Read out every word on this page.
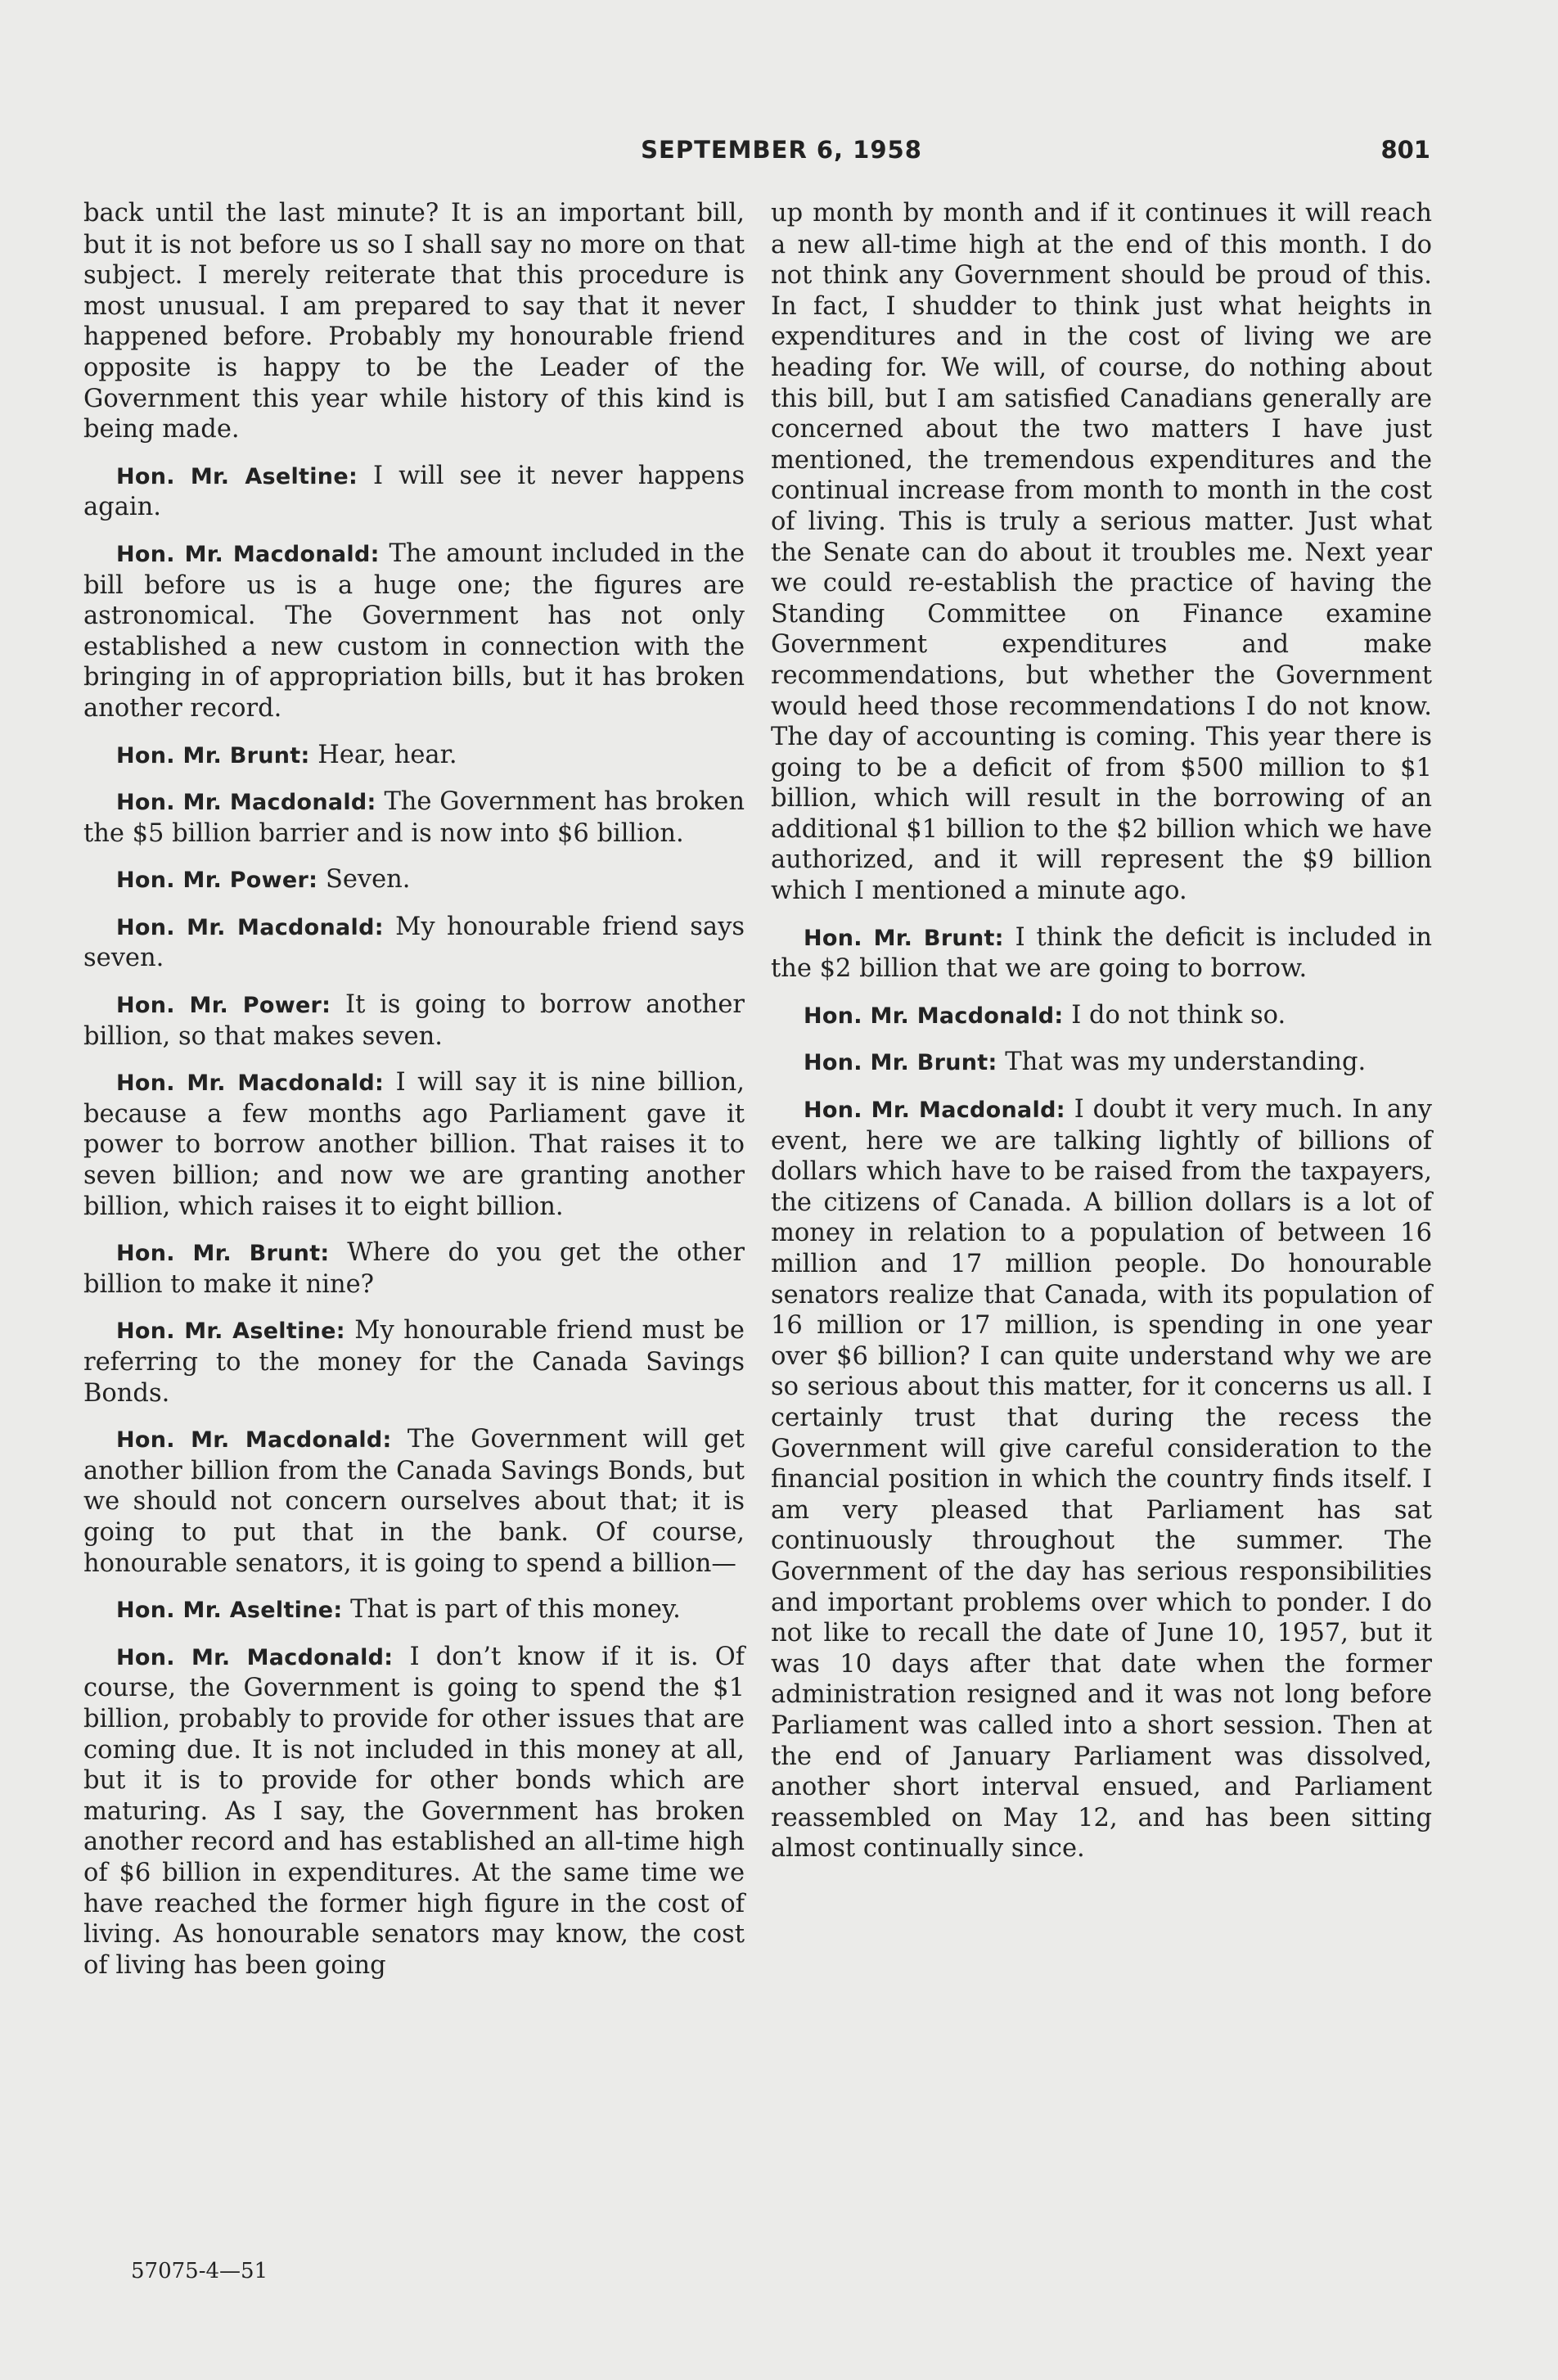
SEPTEMBER 6, 1958	801

back until the last minute? It is an important bill, but it is not before us so I shall say no more on that subject. I merely reiterate that this procedure is most unusual. I am prepared to say that it never happened before. Probably my honourable friend opposite is happy to be the Leader of the Government this year while history of this kind is being made.

Hon. Mr. Aseltine: I will see it never happens again.

Hon. Mr. Macdonald: The amount included in the bill before us is a huge one; the figures are astronomical. The Government has not only established a new custom in connection with the bringing in of appropriation bills, but it has broken another record.

Hon. Mr. Brunt: Hear, hear.

Hon. Mr. Macdonald: The Government has broken the $5 billion barrier and is now into $6 billion.

Hon. Mr. Power: Seven.

Hon. Mr. Macdonald: My honourable friend says seven.

Hon. Mr. Power: It is going to borrow another billion, so that makes seven.

Hon. Mr. Macdonald: I will say it is nine billion, because a few months ago Parliament gave it power to borrow another billion. That raises it to seven billion; and now we are granting another billion, which raises it to eight billion.

Hon. Mr. Brunt: Where do you get the other billion to make it nine?

Hon. Mr. Aseltine: My honourable friend must be referring to the money for the Canada Savings Bonds.

Hon. Mr. Macdonald: The Government will get another billion from the Canada Savings Bonds, but we should not concern ourselves about that; it is going to put that in the bank. Of course, honourable senators, it is going to spend a billion—

Hon. Mr. Aseltine: That is part of this money.

Hon. Mr. Macdonald: I don’t know if it is. Of course, the Government is going to spend the $1 billion, probably to provide for other issues that are coming due. It is not included in this money at all, but it is to provide for other bonds which are maturing. As I say, the Government has broken another record and has established an all-time high of $6 billion in expenditures. At the same time we have reached the former high figure in the cost of living. As honourable senators may know, the cost of living has been going

up month by month and if it continues it will reach a new all-time high at the end of this month. I do not think any Government should be proud of this. In fact, I shudder to think just what heights in expenditures and in the cost of living we are heading for. We will, of course, do nothing about this bill, but I am satisfied Canadians generally are concerned about the two matters I have just mentioned, the tremendous expenditures and the continual increase from month to month in the cost of living. This is truly a serious matter. Just what the Senate can do about it troubles me. Next year we could re-establish the practice of having the Standing Committee on Finance examine Government expenditures and make recommendations, but whether the Government would heed those recommendations I do not know. The day of accounting is coming. This year there is going to be a deficit of from $500 million to $1 billion, which will result in the borrowing of an additional $1 billion to the $2 billion which we have authorized, and it will represent the $9 billion which I mentioned a minute ago.

Hon. Mr. Brunt: I think the deficit is included in the $2 billion that we are going to borrow.

Hon. Mr. Macdonald: I do not think so.

Hon. Mr. Brunt: That was my understanding.

Hon. Mr. Macdonald: I doubt it very much. In any event, here we are talking lightly of billions of dollars which have to be raised from the taxpayers, the citizens of Canada. A billion dollars is a lot of money in relation to a population of between 16 million and 17 million people. Do honourable senators realize that Canada, with its population of 16 million or 17 million, is spending in one year over $6 billion? I can quite understand why we are so serious about this matter, for it concerns us all. I certainly trust that during the recess the Government will give careful consideration to the financial position in which the country finds itself. I am very pleased that Parliament has sat continuously throughout the summer. The Government of the day has serious responsibilities and important problems over which to ponder. I do not like to recall the date of June 10, 1957, but it was 10 days after that date when the former administration resigned and it was not long before Parliament was called into a short session. Then at the end of January Parliament was dissolved, another short interval ensued, and Parliament reassembled on May 12, and has been sitting almost continually since.

57075-4—51
